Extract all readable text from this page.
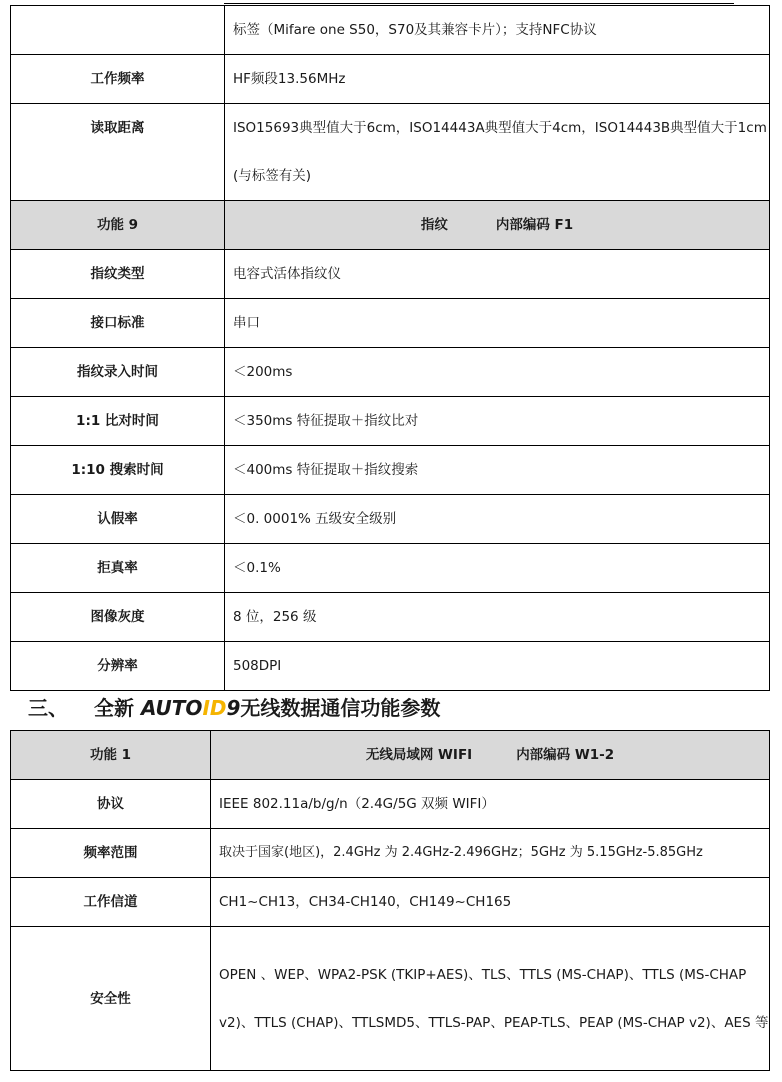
	标签（Mifare one S50，S70及其兼容卡片）；支持NFC协议
工作频率	HF频段13.56MHz
读取距离	ISO15693典型值大于6cm，ISO14443A典型值大于4cm，ISO14443B典型值大于1cm (与标签有关)
功能 9	指纹 内部编码 F1
指纹类型	电容式活体指纹仪
接口标准	串口
指纹录入时间	＜200ms
1:1 比对时间	＜350ms 特征提取＋指纹比对
1:10 搜索时间	＜400ms 特征提取＋指纹搜索
认假率	＜0. 0001% 五级安全级别
拒真率	＜0.1%
图像灰度	8 位，256 级
分辨率	508DPI
三、 全新 AUTOID9无线数据通信功能参数
功能 1	无线局域网 WIFI 内部编码 W1-2
协议	IEEE 802.11a/b/g/n（2.4G/5G 双频 WIFI）
频率范围	取决于国家(地区)，2.4GHz 为 2.4GHz-2.496GHz；5GHz 为 5.15GHz-5.85GHz
工作信道	CH1~CH13，CH34-CH140，CH149~CH165
安全性	OPEN 、WEP、WPA2-PSK (TKIP+AES)、TLS、TTLS (MS-CHAP)、TTLS (MS-CHAP v2)、TTLS (CHAP)、TTLSMD5、TTLS-PAP、PEAP-TLS、PEAP (MS-CHAP v2)、AES 等
